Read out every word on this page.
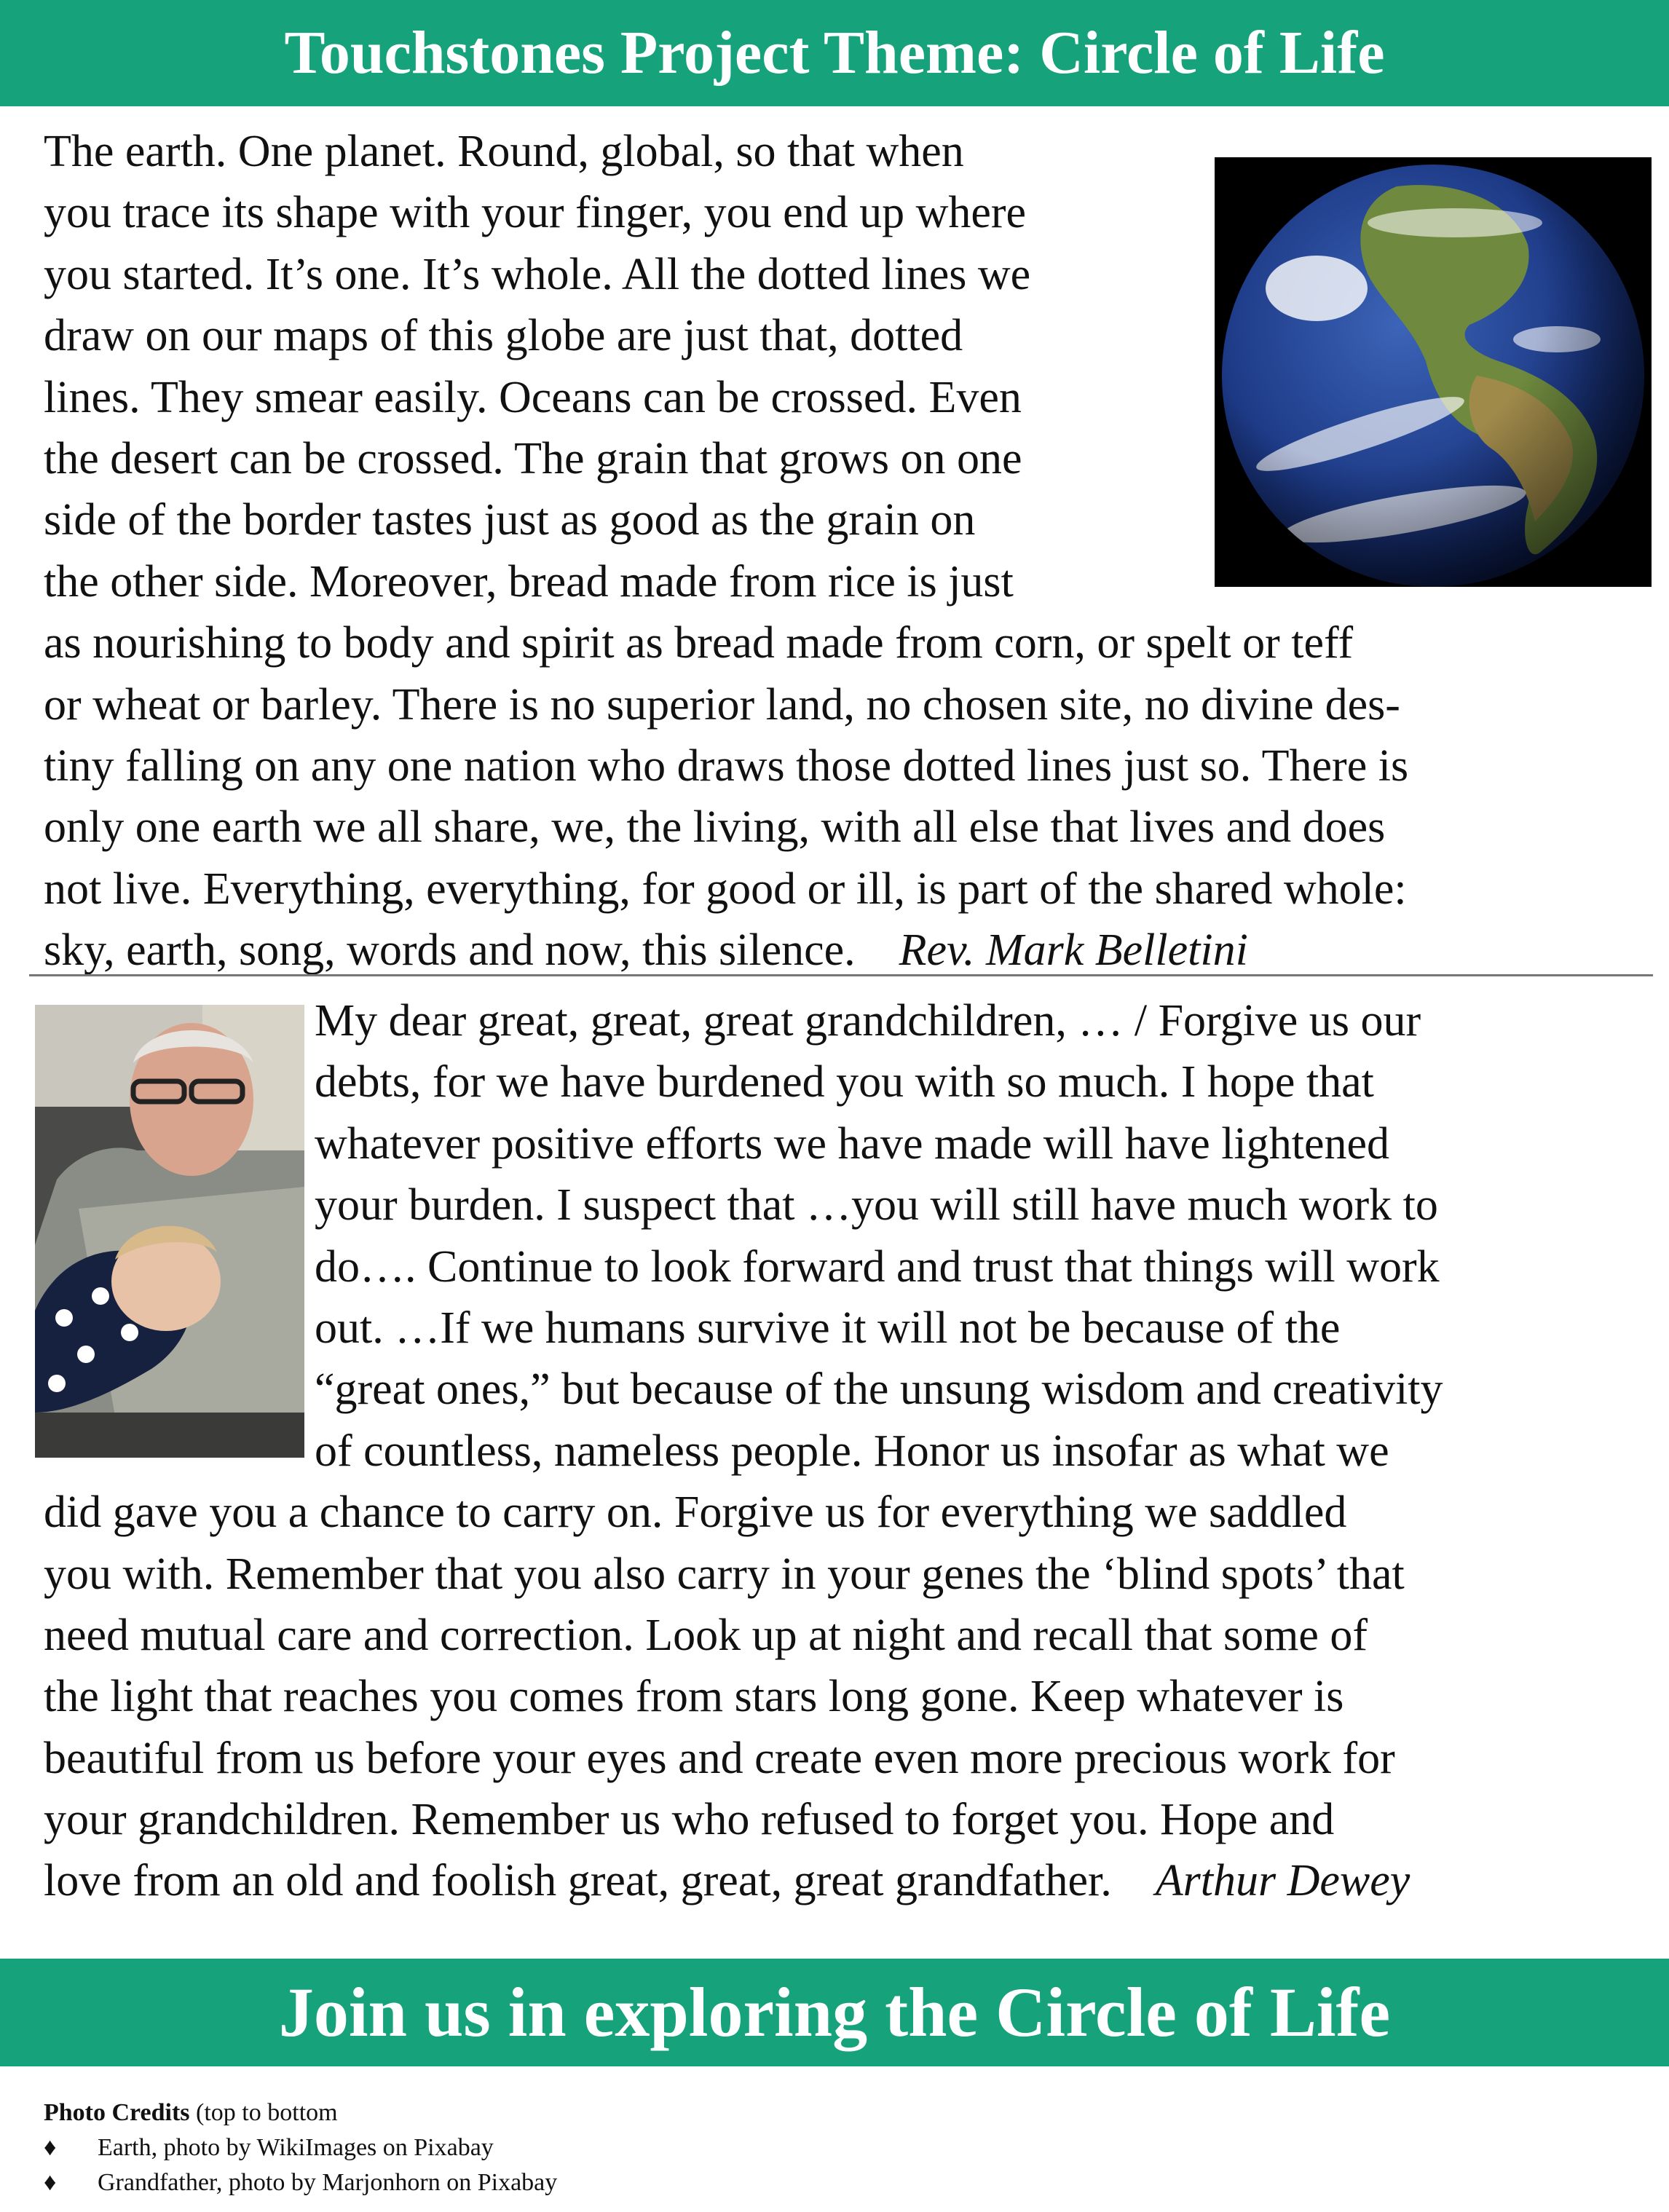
Touchstones Project Theme: Circle of Life
The earth. One planet. Round, global, so that when
you trace its shape with your finger, you end up where
you started. It’s one. It’s whole. All the dotted lines we
draw on our maps of this globe are just that, dotted
lines. They smear easily. Oceans can be crossed. Even
the desert can be crossed. The grain that grows on one
side of the border tastes just as good as the grain on
the other side. Moreover, bread made from rice is just
as nourishing to body and spirit as bread made from corn, or spelt or teff
or wheat or barley. There is no superior land, no chosen site, no divine des-
tiny falling on any one nation who draws those dotted lines just so. There is
only one earth we all share, we, the living, with all else that lives and does
not live. Everything, everything, for good or ill, is part of the shared whole:
sky, earth, song, words and now, this silence. Rev. Mark Belletini
My dear great, great, great grandchildren, … / Forgive us our
debts, for we have burdened you with so much. I hope that
whatever positive efforts we have made will have lightened
your burden. I suspect that …you will still have much work to
do…. Continue to look forward and trust that things will work
out. …If we humans survive it will not be because of the
“great ones,” but because of the unsung wisdom and creativity
of countless, nameless people. Honor us insofar as what we
did gave you a chance to carry on. Forgive us for everything we saddled
you with. Remember that you also carry in your genes the ‘blind spots’ that
need mutual care and correction. Look up at night and recall that some of
the light that reaches you comes from stars long gone. Keep whatever is
beautiful from us before your eyes and create even more precious work for
your grandchildren. Remember us who refused to forget you. Hope and
love from an old and foolish great, great, great grandfather. Arthur Dewey
Join us in exploring the Circle of Life
Photo Credits (top to bottom
♦ Earth, photo by WikiImages on Pixabay
♦ Grandfather, photo by Marjonhorn on Pixabay
